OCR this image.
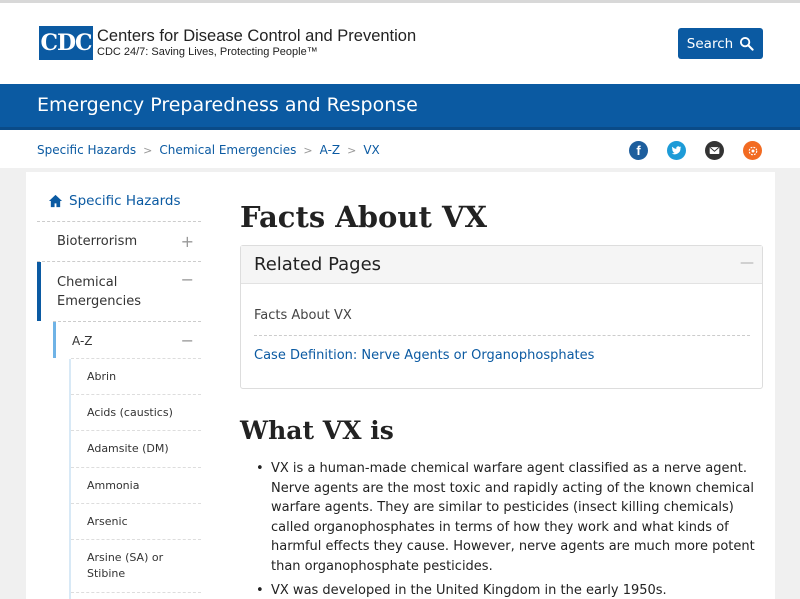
CDC Centers for Disease Control and Prevention
CDC 24/7: Saving Lives, Protecting People™
Search
Emergency Preparedness and Response
Specific Hazards > Chemical Emergencies > A-Z > VX	f
Specific Hazards
Bioterrorism	+
Chemical Emergencies
−
A-Z	−
Abrin
Acids (caustics)
Adamsite (DM)
Ammonia
Arsenic
Arsine (SA) or Stibine
Facts About VX
Related Pages	—
Facts About VX
Case Definition: Nerve Agents or Organophosphates
What VX is
• VX is a human-made chemical warfare agent classified as a nerve agent. Nerve agents are the most toxic and rapidly acting of the known chemical warfare agents. They are similar to pesticides (insect killing chemicals) called organophosphates in terms of how they work and what kinds of harmful effects they cause. However, nerve agents are much more potent than organophosphate pesticides.
• VX was developed in the United Kingdom in the early 1950s.
